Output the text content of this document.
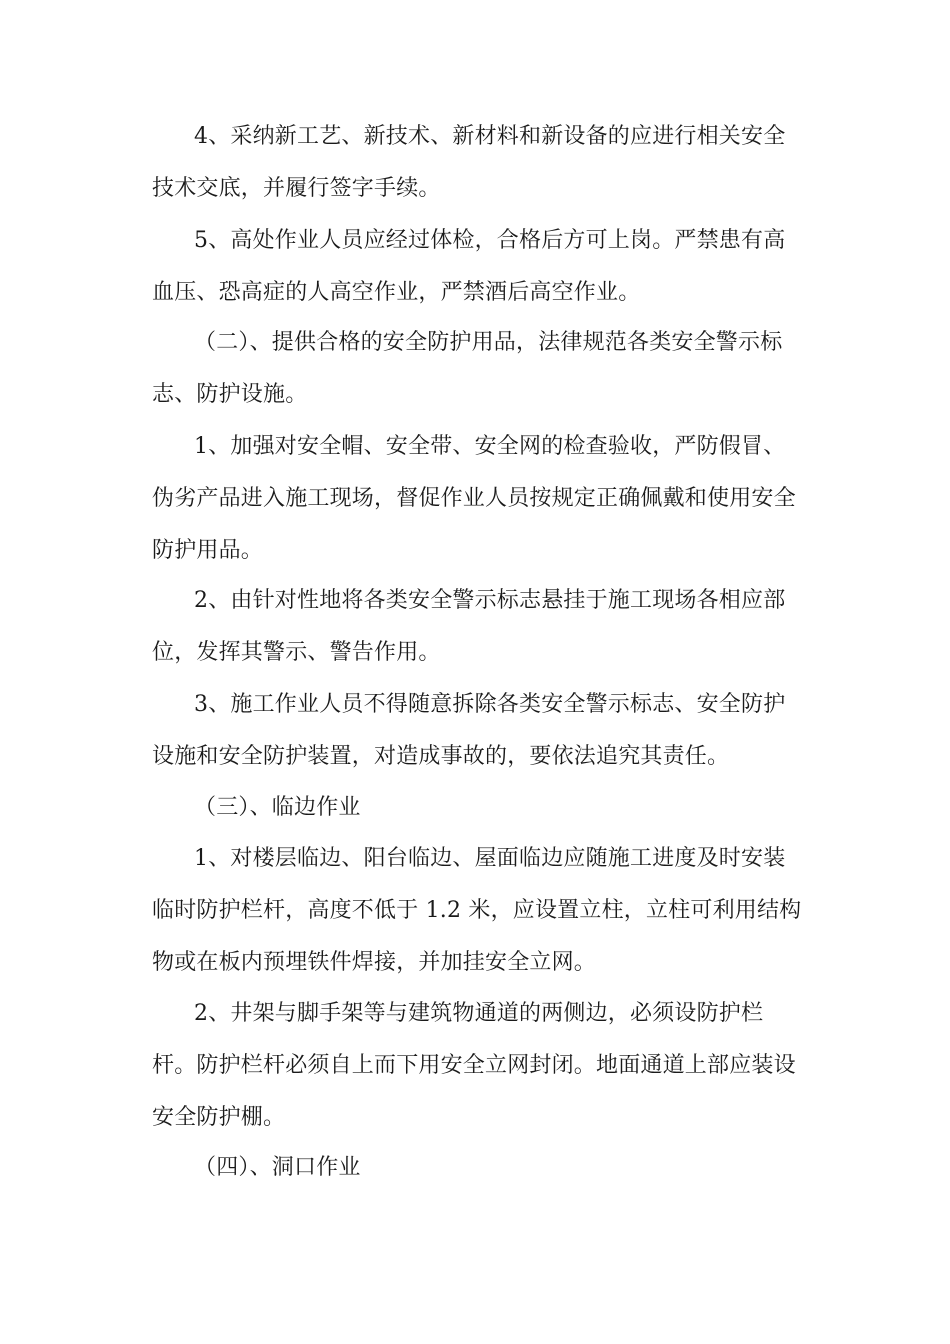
4、采纳新工艺、新技术、新材料和新设备的应进行相关安全
技术交底，并履行签字手续。
5、高处作业人员应经过体检，合格后方可上岗。严禁患有高
血压、恐高症的人高空作业，严禁酒后高空作业。
（二）、提供合格的安全防护用品，法律规范各类安全警示标
志、防护设施。
1、加强对安全帽、安全带、安全网的检查验收，严防假冒、
伪劣产品进入施工现场，督促作业人员按规定正确佩戴和使用安全
防护用品。
2、由针对性地将各类安全警示标志悬挂于施工现场各相应部
位，发挥其警示、警告作用。
3、施工作业人员不得随意拆除各类安全警示标志、安全防护
设施和安全防护装置，对造成事故的，要依法追究其责任。
（三）、临边作业
1、对楼层临边、阳台临边、屋面临边应随施工进度及时安装
临时防护栏杆，高度不低于 1.2 米，应设置立柱，立柱可利用结构
物或在板内预埋铁件焊接，并加挂安全立网。
2、井架与脚手架等与建筑物通道的两侧边，必须设防护栏
杆。防护栏杆必须自上而下用安全立网封闭。地面通道上部应装设
安全防护棚。
（四）、洞口作业
